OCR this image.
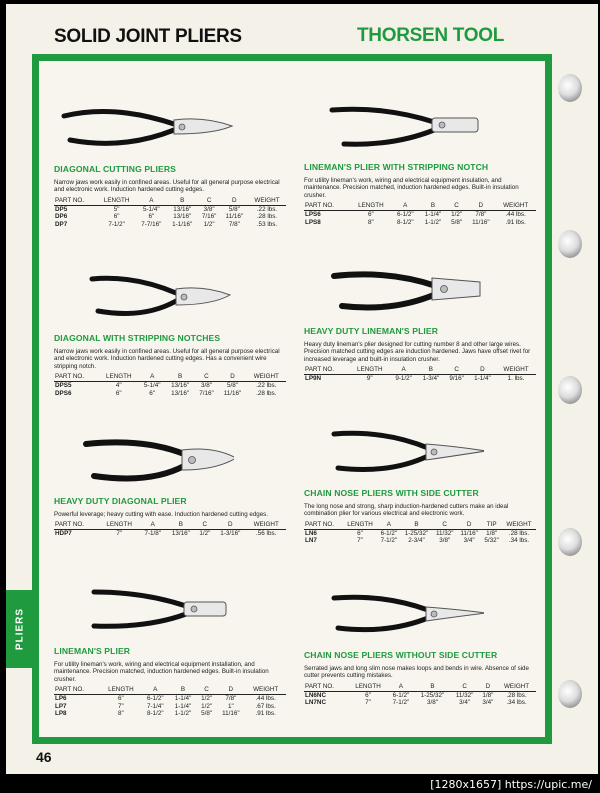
SOLID JOINT PLIERS	THORSEN TOOL
PLIERS
46
DIAGONAL CUTTING PLIERS
Narrow jaws work easily in confined areas. Useful for all general purpose electrical and electronic work. Induction hardened cutting edges.
PART NO.	LENGTH	A	B	C	D	WEIGHT
DP5	5"	5-1/4"	13/16"	3/8"	5/8"	.22 lbs.
DP6	6"	6"	13/16"	7/16"	11/16"	.28 lbs.
DP7	7-1/2"	7-7/16"	1-1/16"	1/2"	7/8"	.53 lbs.
DIAGONAL WITH STRIPPING NOTCHES
Narrow jaws work easily in confined areas. Useful for all general purpose electrical and electronic work. Induction hardened cutting edges. Has a convenient wire stripping notch.
PART NO.	LENGTH	A	B	C	D	WEIGHT
DPS5	4"	5-1/4"	13/16"	3/8"	5/8"	.22 lbs.
DPS6	6"	6"	13/16"	7/16"	11/16"	.28 lbs.
HEAVY DUTY DIAGONAL PLIER
Powerful leverage; heavy cutting with ease. Induction hardened cutting edges.
PART NO.	LENGTH	A	B	C	D	WEIGHT
HDP7	7"	7-1/8"	13/16"	1/2"	1-3/16"	.56 lbs.
LINEMAN'S PLIER
For utility lineman's work, wiring and electrical equipment installation, and maintenance. Precision matched, induction hardened edges. Built-in insulation crusher.
PART NO.	LENGTH	A	B	C	D	WEIGHT
LP6	6"	6-1/2"	1-1/4"	1/2"	7/8"	.44 lbs.
LP7	7"	7-1/4"	1-1/4"	1/2"	1"	.67 lbs.
LP8	8"	8-1/2"	1-1/2"	5/8"	11/16"	.91 lbs.
LINEMAN'S PLIER WITH STRIPPING NOTCH
For utility lineman's work, wiring and electrical equipment insulation, and maintenance. Precision matched, induction hardened edges. Built-in insulation crusher.
PART NO.	LENGTH	A	B	C	D	WEIGHT
LPS6	6"	6-1/2"	1-1/4"	1/2"	7/8"	.44 lbs.
LPS8	8"	8-1/2"	1-1/2"	5/8"	11/16"	.91 lbs.
HEAVY DUTY LINEMAN'S PLIER
Heavy duty lineman's plier designed for cutting number 8 and other large wires. Precision matched cutting edges are induction hardened. Jaws have offset rivet for increased leverage and built-in insulation crusher.
PART NO.	LENGTH	A	B	C	D	WEIGHT
LP9N	9"	9-1/2"	1-3/4"	9/16"	1-1/4"	1. lbs.
CHAIN NOSE PLIERS WITH SIDE CUTTER
The long nose and strong, sharp induction-hardened cutters make an ideal combination plier for various electrical and electronic work.
PART NO.	LENGTH	A	B	C	D	TIP	WEIGHT
LN6	6"	6-1/2"	1-25/32"	11/32"	11/16"	1/8"	.28 lbs.
LN7	7"	7-1/2"	2-3/4"	3/8"	3/4"	5/32"	.34 lbs.
CHAIN NOSE PLIERS WITHOUT SIDE CUTTER
Serrated jaws and long slim nose makes loops and bends in wire. Absence of side cutter prevents cutting mistakes.
PART NO.	LENGTH	A	B	C	D	WEIGHT
LN6NC	6"	6-1/2"	1-25/32"	11/32"	1/8"	.28 lbs.
LN7NC	7"	7-1/2"	3/8"	3/4"	3/4"	.34 lbs.
[1280x1657] https://upic.me/
